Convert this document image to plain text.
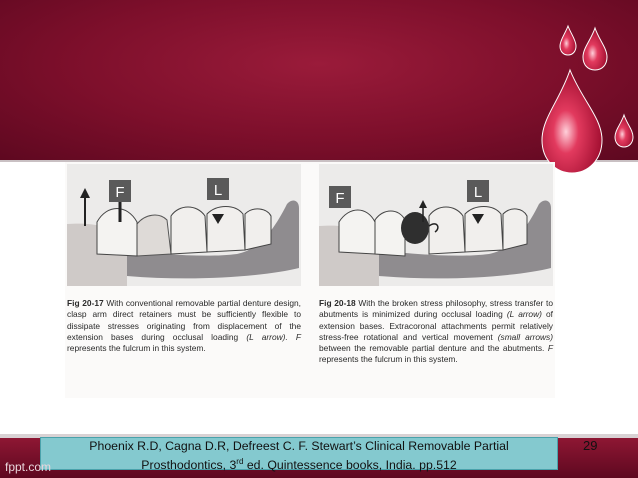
F	L
Fig 20-17 With conventional removable partial denture design, clasp arm direct retainers must be sufficiently flexible to dissipate stresses originating from displacement of the extension bases during occlusal loading (L arrow). F represents the fulcrum in this system.
F	L
Fig 20-18 With the broken stress philosophy, stress transfer to abutments is minimized during occlusal loading (L arrow) of extension bases. Extracoronal attachments permit relatively stress-free rotational and vertical movement (small arrows) between the removable partial denture and the abutments. F represents the fulcrum in this system.
Phoenix R.D, Cagna D.R, Defreest C. F. Stewart’s Clinical Removable Partial
Prosthodontics, 3rd ed. Quintessence books, India. pp.512
29
fppt.com
